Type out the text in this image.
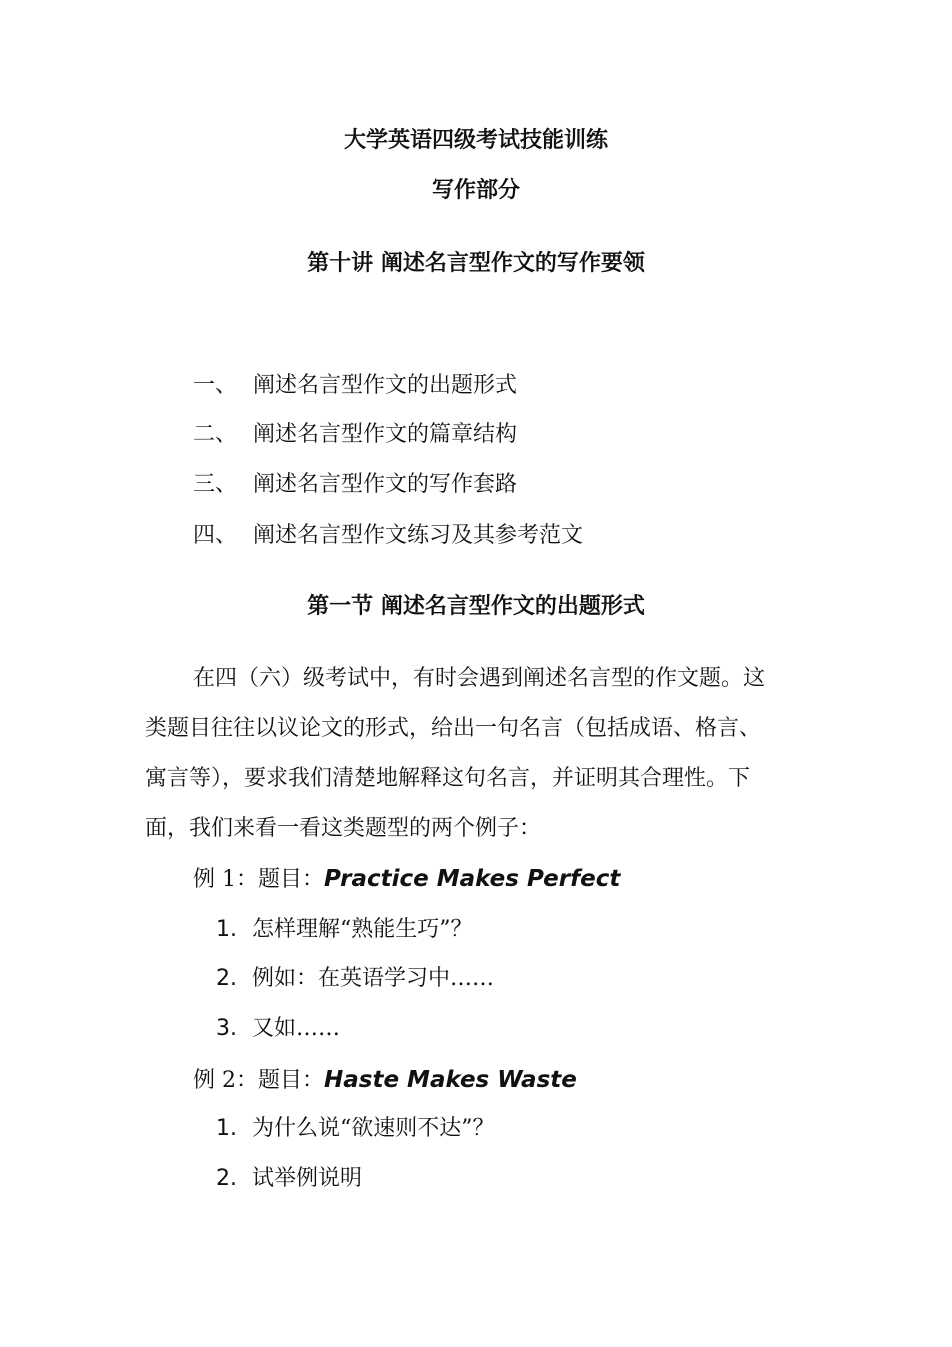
大学英语四级考试技能训练
写作部分
第十讲 阐述名言型作文的写作要领
一、 阐述名言型作文的出题形式
二、 阐述名言型作文的篇章结构
三、 阐述名言型作文的写作套路
四、 阐述名言型作文练习及其参考范文
第一节 阐述名言型作文的出题形式
在四（六）级考试中，有时会遇到阐述名言型的作文题。这
类题目往往以议论文的形式，给出一句名言（包括成语、格言、
寓言等），要求我们清楚地解释这句名言，并证明其合理性。下
面，我们来看一看这类题型的两个例子：
例 1：题目：Practice Makes Perfect
1. 怎样理解“熟能生巧”？
2. 例如：在英语学习中……
3. 又如……
例 2：题目：Haste Makes Waste
1. 为什么说“欲速则不达”？
2. 试举例说明
